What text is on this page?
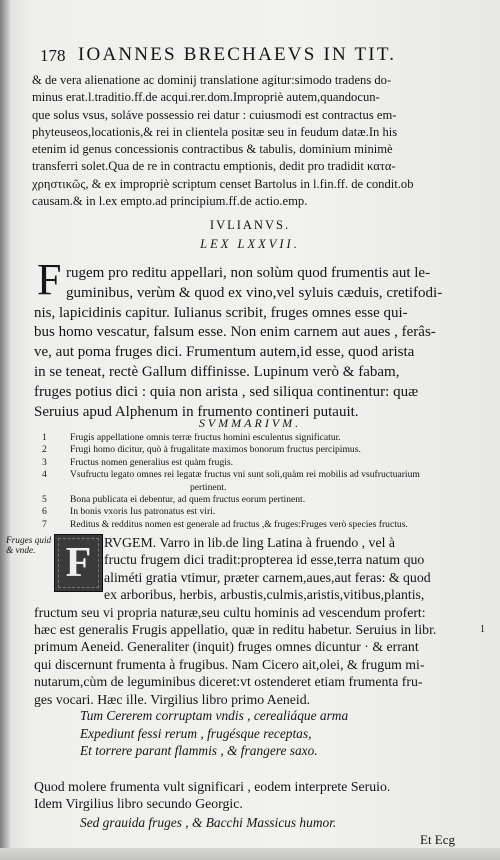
178 IOANNES BRECHAEVS IN TIT.
& de vera alienatione ac dominij translatione agitur:simodo tradens do-
minus erat.l.traditio.ff.de acqui.rer.dom.Impropriè autem,quandocun-
que solus vsus, soláve possessio rei datur : cuiusmodi est contractus em-
phyteuseos,locationis,& rei in clientela positæ seu in feudum datæ.In his
etenim id genus concessionis contractibus & tabulis, dominium minimè
transferri solet.Qua de re in contractu emptionis, dedit pro tradidit κατα-
χρηστικῶς, & ex impropriè scriptum censet Bartolus in l.fin.ff. de condit.ob
causam.& in l.ex empto.ad principium.ff.de actio.emp.
IVLIANVS.
LEX LXXVII.
F rugem pro reditu appellari, non solùm quod frumentis aut le-
guminibus, verùm & quod ex vino,vel syluis cæduis, cretifodi-
nis, lapicidinis capitur. Iulianus scribit, fruges omnes esse qui-
bus homo vescatur, falsum esse. Non enim carnem aut aues , ferâs-
ve, aut poma fruges dici. Frumentum autem,id esse, quod arista
in se teneat, rectè Gallum diffinisse. Lupinum verò & fabam,
fruges potius dici : quia non arista , sed siliqua continentur: quæ
Seruius apud Alphenum in frumento contineri putauit.
SVMMARIVM.
1	Frugis appellatione omnis terræ fructus homini esculentus significatur.
2	Frugi homo dicitur, quò à frugalitate maximos bonorum fructus percipimus.
3	Fructus nomen generalius est quàm frugis.
4	Vsufructu legato omnes rei legatæ fructus vni sunt soli,quàm rei mobilis ad vsufructuarium
pertinent.
5	Bona publicata ei debentur, ad quem fructus eorum pertinent.
6	In bonis vxoris Ius patronatus est viri.
7	Reditus & redditus nomen est generale ad fructus ,& fruges:Fruges verò species fructus.
Fruges quid
& vnde.
1
F RVGEM. Varro in lib.de ling Latina à fruendo , vel à
fructu frugem dici tradit:propterea id esse,terra natum quo
aliméti gratia vtimur, præter carnem,aues,aut feras: & quod
ex arboribus, herbis, arbustis,culmis,aristis,vitibus,plantis,
fructum seu vi propria naturæ,seu cultu hominis ad vescendum profert:
hæc est generalis Frugis appellatio, quæ in reditu habetur. Seruius in libr.
primum Aeneid. Generaliter (inquit) fruges omnes dicuntur · & errant
qui discernunt frumenta à frugibus. Nam Cicero ait,olei, & frugum mi-
nutarum,cùm de leguminibus diceret:vt ostenderet etiam frumenta fru-
ges vocari. Hæc ille. Virgilius libro primo Aeneid.
Tum Cererem corruptam vndis , cerealiáque arma
Expediunt fessi rerum , frugésque receptas,
Et torrere parant flammis , & frangere saxo.
Quod molere frumenta vult significari , eodem interprete Seruio.
Idem Virgilius libro secundo Georgic.
Sed grauida fruges , & Bacchi Massicus humor.
Et Ecg
